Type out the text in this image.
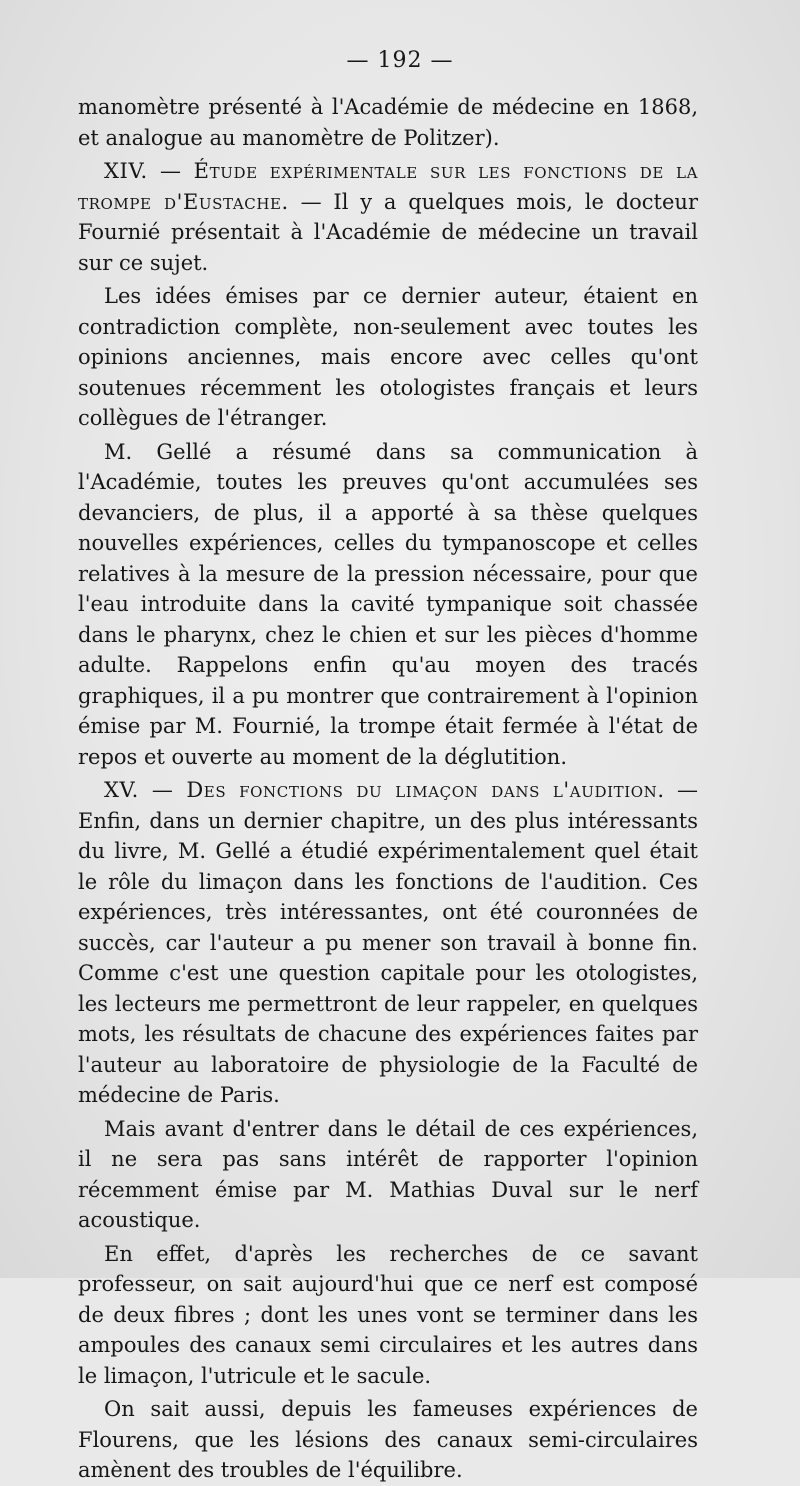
— 192 —

manomètre présenté à l'Académie de médecine en 1868, et analogue au manomètre de Politzer).

XIV. — Étude expérimentale sur les fonctions de la trompe d'Eustache. — Il y a quelques mois, le docteur Fournié présentait à l'Académie de médecine un travail sur ce sujet.

Les idées émises par ce dernier auteur, étaient en contradiction complète, non-seulement avec toutes les opinions anciennes, mais encore avec celles qu'ont soutenues récemment les otologistes français et leurs collègues de l'étranger.

M. Gellé a résumé dans sa communication à l'Académie, toutes les preuves qu'ont accumulées ses devanciers, de plus, il a apporté à sa thèse quelques nouvelles expériences, celles du tympanoscope et celles relatives à la mesure de la pression nécessaire, pour que l'eau introduite dans la cavité tympanique soit chassée dans le pharynx, chez le chien et sur les pièces d'homme adulte. Rappelons enfin qu'au moyen des tracés graphiques, il a pu montrer que contrairement à l'opinion émise par M. Fournié, la trompe était fermée à l'état de repos et ouverte au moment de la déglutition.

XV. — Des fonctions du limaçon dans l'audition. — Enfin, dans un dernier chapitre, un des plus intéressants du livre, M. Gellé a étudié expérimentalement quel était le rôle du limaçon dans les fonctions de l'audition. Ces expériences, très intéressantes, ont été couronnées de succès, car l'auteur a pu mener son travail à bonne fin. Comme c'est une question capitale pour les otologistes, les lecteurs me permettront de leur rappeler, en quelques mots, les résultats de chacune des expériences faites par l'auteur au laboratoire de physiologie de la Faculté de médecine de Paris.

Mais avant d'entrer dans le détail de ces expériences, il ne sera pas sans intérêt de rapporter l'opinion récemment émise par M. Mathias Duval sur le nerf acoustique.

En effet, d'après les recherches de ce savant professeur, on sait aujourd'hui que ce nerf est composé de deux fibres ; dont les unes vont se terminer dans les ampoules des canaux semi circulaires et les autres dans le limaçon, l'utricule et le sacule.

On sait aussi, depuis les fameuses expériences de Flourens, que les lésions des canaux semi-circulaires amènent des troubles de l'équilibre.
